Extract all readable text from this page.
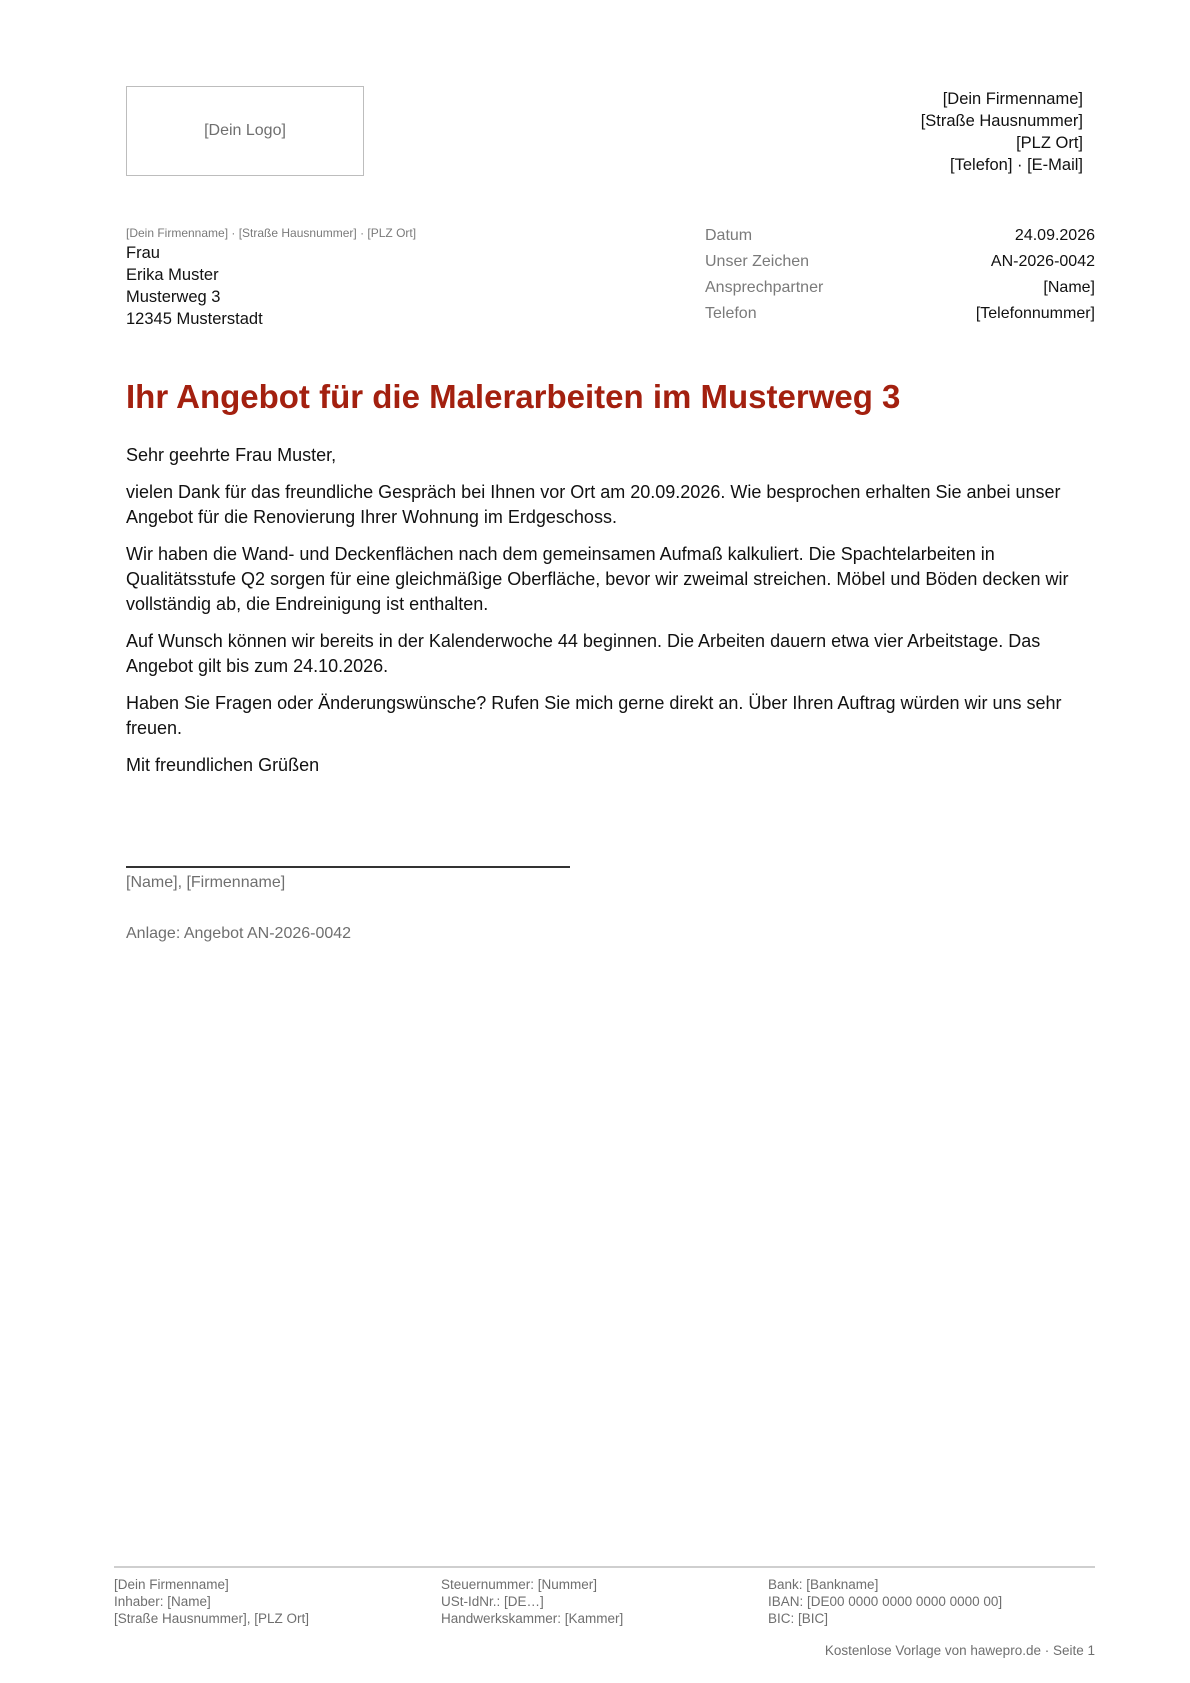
[Dein Logo]
[Dein Firmenname]
[Straße Hausnummer]
[PLZ Ort]
[Telefon] · [E-Mail]
[Dein Firmenname] · [Straße Hausnummer] · [PLZ Ort]
Frau
Erika Muster
Musterweg 3
12345 Musterstadt
Datum	24.09.2026
Unser Zeichen	AN-2026-0042
Ansprechpartner	[Name]
Telefon	[Telefonnummer]
Ihr Angebot für die Malerarbeiten im Musterweg 3

Sehr geehrte Frau Muster,

vielen Dank für das freundliche Gespräch bei Ihnen vor Ort am 20.09.2026. Wie besprochen erhalten Sie anbei unser Angebot für die Renovierung Ihrer Wohnung im Erdgeschoss.

Wir haben die Wand- und Deckenflächen nach dem gemeinsamen Aufmaß kalkuliert. Die Spachtelarbeiten in Qualitätsstufe Q2 sorgen für eine gleichmäßige Oberfläche, bevor wir zweimal streichen. Möbel und Böden decken wir vollständig ab, die Endreinigung ist enthalten.

Auf Wunsch können wir bereits in der Kalenderwoche 44 beginnen. Die Arbeiten dauern etwa vier Arbeitstage. Das Angebot gilt bis zum 24.10.2026.

Haben Sie Fragen oder Änderungswünsche? Rufen Sie mich gerne direkt an. Über Ihren Auftrag würden wir uns sehr freuen.

Mit freundlichen Grüßen

[Name], [Firmenname]
Anlage: Angebot AN-2026-0042
[Dein Firmenname]
Inhaber: [Name]
[Straße Hausnummer], [PLZ Ort]
Steuernummer: [Nummer]
USt-IdNr.: [DE…]
Handwerkskammer: [Kammer]
Bank: [Bankname]
IBAN: [DE00 0000 0000 0000 0000 00]
BIC: [BIC]
Kostenlose Vorlage von hawepro.de · Seite 1
